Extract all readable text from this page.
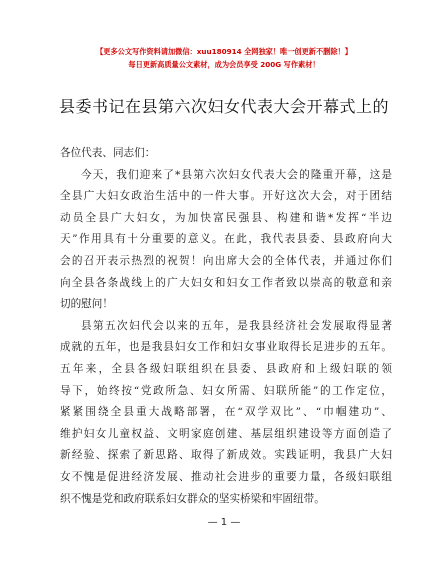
【更多公文写作资料请加微信：xuu180914 全网独家！唯一创更新不删除！】
每日更新高质量公文素材，成为会员享受 200G 写作素材！
县委书记在县第六次妇女代表大会开幕式上的

各位代表、同志们：

今天，我们迎来了*县第六次妇女代表大会的隆重开幕，这是
全县广大妇女政治生活中的一件大事。开好这次大会，对于团结
动员全县广大妇女，为加快富民强县、构建和谐*发挥“半边
天”作用具有十分重要的意义。在此，我代表县委、县政府向大
会的召开表示热烈的祝贺！向出席大会的全体代表，并通过你们
向全县各条战线上的广大妇女和妇女工作者致以崇高的敬意和亲
切的慰问！

县第五次妇代会以来的五年，是我县经济社会发展取得显著
成就的五年，也是我县妇女工作和妇女事业取得长足进步的五年。
五年来，全县各级妇联组织在县委、县政府和上级妇联的领
导下，始终按“党政所急、妇女所需、妇联所能”的工作定位，
紧紧围绕全县重大战略部署，在“双学双比”、“巾帼建功”、
维护妇女儿童权益、文明家庭创建、基层组织建设等方面创造了
新经验、探索了新思路、取得了新成效。实践证明，我县广大妇
女不愧是促进经济发展、推动社会进步的重要力量，各级妇联组
织不愧是党和政府联系妇女群众的坚实桥梁和牢固纽带。

— 1 —
